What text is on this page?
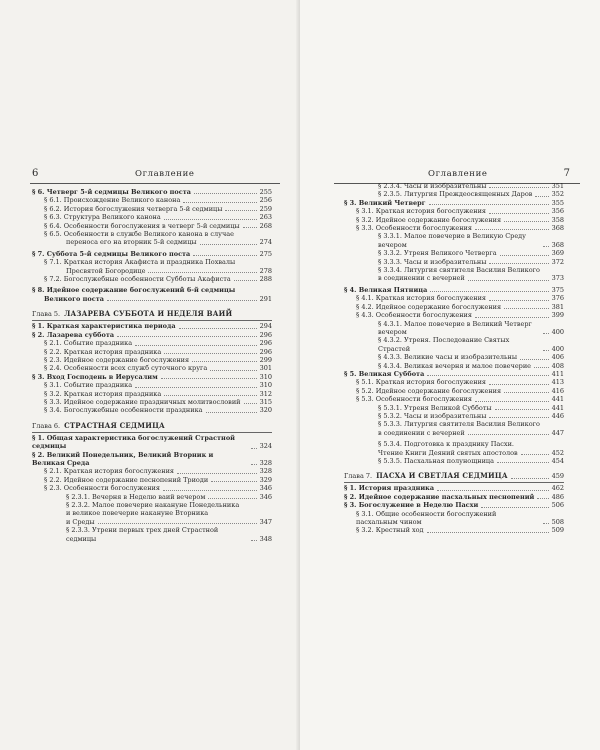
6	Оглавление
§ 6. Четверг 5-й седмицы Великого поста	255
§ 6.1. Происхождение Великого канона	256
§ 6.2. История богослужения четверга 5-й седмицы	259
§ 6.3. Структура Великого канона	263
§ 6.4. Особенности богослужения в четверг 5-й седмицы	268
§ 6.5. Особенности в службе Великого канона в случае
переноса его на вторник 5-й седмицы	274
§ 7. Суббота 5-й седмицы Великого поста	275
§ 7.1. Краткая история Акафиста и праздника Похвалы
Пресвятой Богородице	278
§ 7.2. Богослужебные особенности Субботы Акафиста	288
§ 8. Идейное содержание богослужений 6-й седмицы
Великого поста	291
Глава 5. ЛАЗАРЕВА СУББОТА И НЕДЕЛЯ ВАИЙ
§ 1. Краткая характеристика периода	294
§ 2. Лазарева суббота	296
§ 2.1. Событие праздника	296
§ 2.2. Краткая история праздника	296
§ 2.3. Идейное содержание богослужения	299
§ 2.4. Особенности всех служб суточного круга	301
§ 3. Вход Господень в Иерусалим	310
§ 3.1. Событие праздника	310
§ 3.2. Краткая история праздника	312
§ 3.3. Идейное содержание праздничных молитвословий	315
§ 3.4. Богослужебные особенности праздника	320
Глава 6. СТРАСТНАЯ СЕДМИЦА
§ 1. Общая характеристика богослужений Страстной седмицы	324
§ 2. Великий Понедельник, Великий Вторник и Великая Среда	328
§ 2.1. Краткая история богослужения	328
§ 2.2. Идейное содержание песнопений Триоди	329
§ 2.3. Особенности богослужения	346
§ 2.3.1. Вечерня в Неделю ваий вечером	346
§ 2.3.2. Малое повечерие накануне Понедельника
и великое повечерие накануне Вторника
и Среды	347
§ 2.3.3. Утрени первых трех дней Страстной седмицы	348
Оглавление	7
§ 2.3.4. Часы и изобразительны	351
§ 2.3.5. Литургия Преждеосвященных Даров	352
§ 3. Великий Четверг	355
§ 3.1. Краткая история богослужения	356
§ 3.2. Идейное содержание богослужения	358
§ 3.3. Особенности богослужения	368
§ 3.3.1. Малое повечерие в Великую Среду вечером	368
§ 3.3.2. Утреня Великого Четверга	369
§ 3.3.3. Часы и изобразительны	372
§ 3.3.4. Литургия святителя Василия Великого
в соединении с вечерней	373
§ 4. Великая Пятница	375
§ 4.1. Краткая история богослужения	376
§ 4.2. Идейное содержание богослужения	381
§ 4.3. Особенности богослужения	399
§ 4.3.1. Малое повечерие в Великий Четверг вечером	400
§ 4.3.2. Утреня. Последование Святых Страстей	400
§ 4.3.3. Великие часы и изобразительны	406
§ 4.3.4. Великая вечерня и малое повечерие	408
§ 5. Великая Суббота	411
§ 5.1. Краткая история богослужения	413
§ 5.2. Идейное содержание богослужения	416
§ 5.3. Особенности богослужения	441
§ 5.3.1. Утреня Великой Субботы	441
§ 5.3.2. Часы и изобразительны	446
§ 5.3.3. Литургия святителя Василия Великого
в соединении с вечерней	447
§ 5.3.4. Подготовка к празднику Пасхи.
Чтение Книги Деяний святых апостолов	452
§ 5.3.5. Пасхальная полунощница	454
Глава 7. ПАСХА И СВЕТЛАЯ СЕДМИЦА	459
§ 1. История праздника	462
§ 2. Идейное содержание пасхальных песнопений	486
§ 3. Богослужение в Неделю Пасхи	506
§ 3.1. Общие особенности богослужений пасхальным чином	508
§ 3.2. Крестный ход	509
